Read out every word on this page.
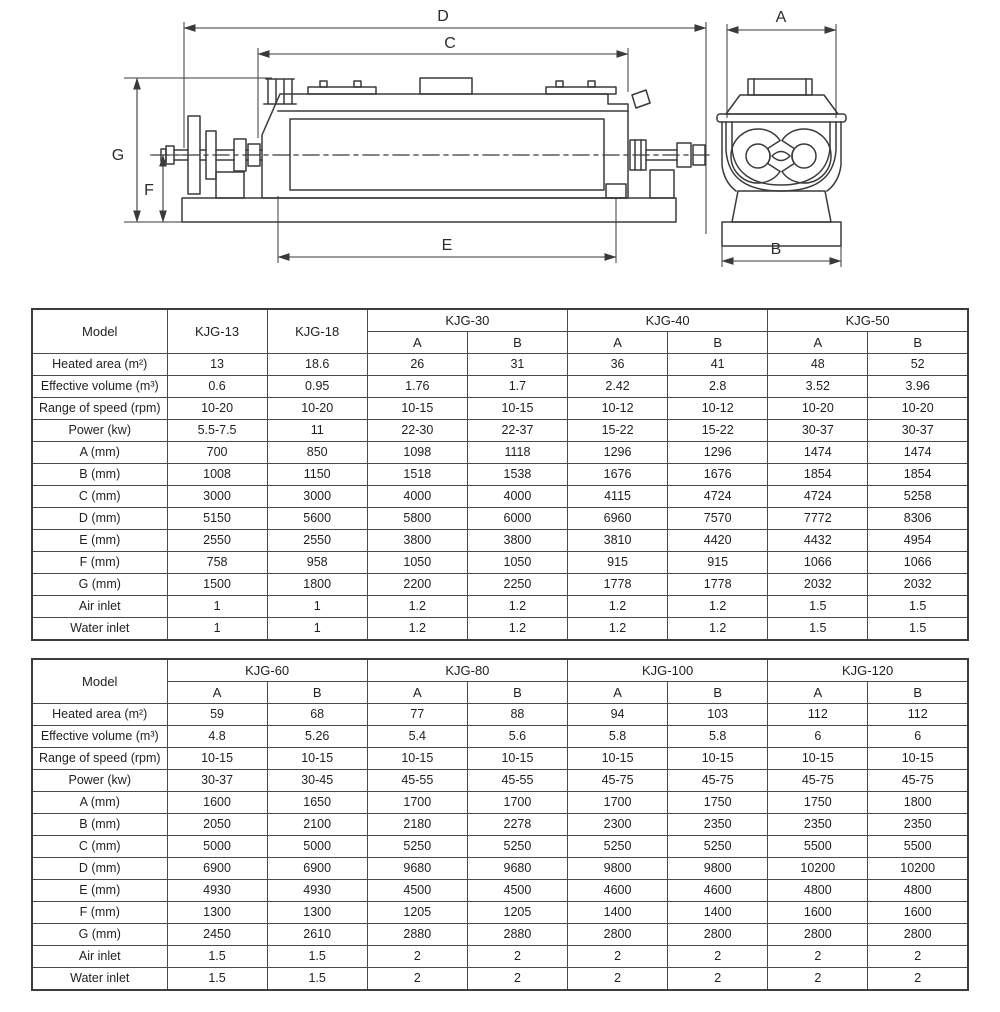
D
C
G
F
E
A
B
Model	KJG-13	KJG-18	KJG-30		KJG-40		KJG-50	
			A	B	A	B	A	B
Heated area (m²)	13	18.6	26	31	36	41	48	52
Effective volume (m³)	0.6	0.95	1.76	1.7	2.42	2.8	3.52	3.96
Range of speed (rpm)	10-20	10-20	10-15	10-15	10-12	10-12	10-20	10-20
Power (kw)	5.5-7.5	11	22-30	22-37	15-22	15-22	30-37	30-37
A (mm)	700	850	1098	1118	1296	1296	1474	1474
B (mm)	1008	1150	1518	1538	1676	1676	1854	1854
C (mm)	3000	3000	4000	4000	4115	4724	4724	5258
D (mm)	5150	5600	5800	6000	6960	7570	7772	8306
E (mm)	2550	2550	3800	3800	3810	4420	4432	4954
F (mm)	758	958	1050	1050	915	915	1066	1066
G (mm)	1500	1800	2200	2250	1778	1778	2032	2032
Air inlet	1	1	1.2	1.2	1.2	1.2	1.5	1.5
Water inlet	1	1	1.2	1.2	1.2	1.2	1.5	1.5
Model	KJG-60		KJG-80		KJG-100		KJG-120	
	A	B	A	B	A	B	A	B
Heated area (m²)	59	68	77	88	94	103	112	112
Effective volume (m³)	4.8	5.26	5.4	5.6	5.8	5.8	6	6
Range of speed (rpm)	10-15	10-15	10-15	10-15	10-15	10-15	10-15	10-15
Power (kw)	30-37	30-45	45-55	45-55	45-75	45-75	45-75	45-75
A (mm)	1600	1650	1700	1700	1700	1750	1750	1800
B (mm)	2050	2100	2180	2278	2300	2350	2350	2350
C (mm)	5000	5000	5250	5250	5250	5250	5500	5500
D (mm)	6900	6900	9680	9680	9800	9800	10200	10200
E (mm)	4930	4930	4500	4500	4600	4600	4800	4800
F (mm)	1300	1300	1205	1205	1400	1400	1600	1600
G (mm)	2450	2610	2880	2880	2800	2800	2800	2800
Air inlet	1.5	1.5	2	2	2	2	2	2
Water inlet	1.5	1.5	2	2	2	2	2	2
